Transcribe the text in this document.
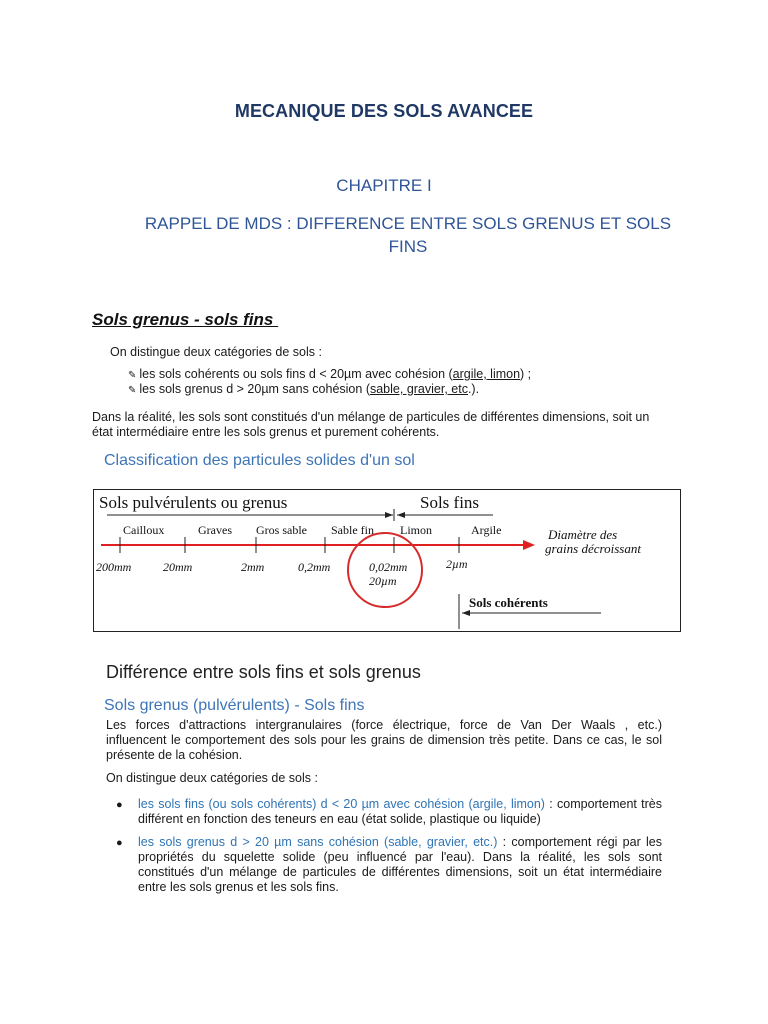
MECANIQUE DES SOLS AVANCEE
CHAPITRE I
RAPPEL DE MDS : DIFFERENCE ENTRE SOLS GRENUS ET SOLS
FINS
Sols grenus - sols fins
On distingue deux catégories de sols :
✎ les sols cohérents ou sols fins d < 20µm avec cohésion (argile, limon) ;
✎ les sols grenus d > 20µm sans cohésion (sable, gravier, etc.).
Dans la réalité, les sols sont constitués d'un mélange de particules de différentes dimensions, soit un
état intermédiaire entre les sols grenus et purement cohérents.
Classification des particules solides d'un sol
Sols pulvérulents ou grenus	Sols fins
Cailloux	Graves Gros sable Sable fin Limon	Argile
200mm	20mm	2mm	0,2mm	0,02mm
20µm
2µm
Diamètre des
grains décroissant
Sols cohérents
Différence entre sols fins et sols grenus
Sols grenus (pulvérulents) - Sols fins
Les forces d'attractions intergranulaires (force électrique, force de Van Der Waals , etc.)
influencent le comportement des sols pour les grains de dimension très petite. Dans ce cas, le sol
présente de la cohésion.
On distingue deux catégories de sols :
● les sols fins (ou sols cohérents) d < 20 µm avec cohésion (argile, limon) : comportement très
différent en fonction des teneurs en eau (état solide, plastique ou liquide)
● les sols grenus d > 20 µm sans cohésion (sable, gravier, etc.) : comportement régi par les
propriétés du squelette solide (peu influencé par l'eau). Dans la réalité, les sols sont
constitués d'un mélange de particules de différentes dimensions, soit un état intermédiaire
entre les sols grenus et les sols fins.
